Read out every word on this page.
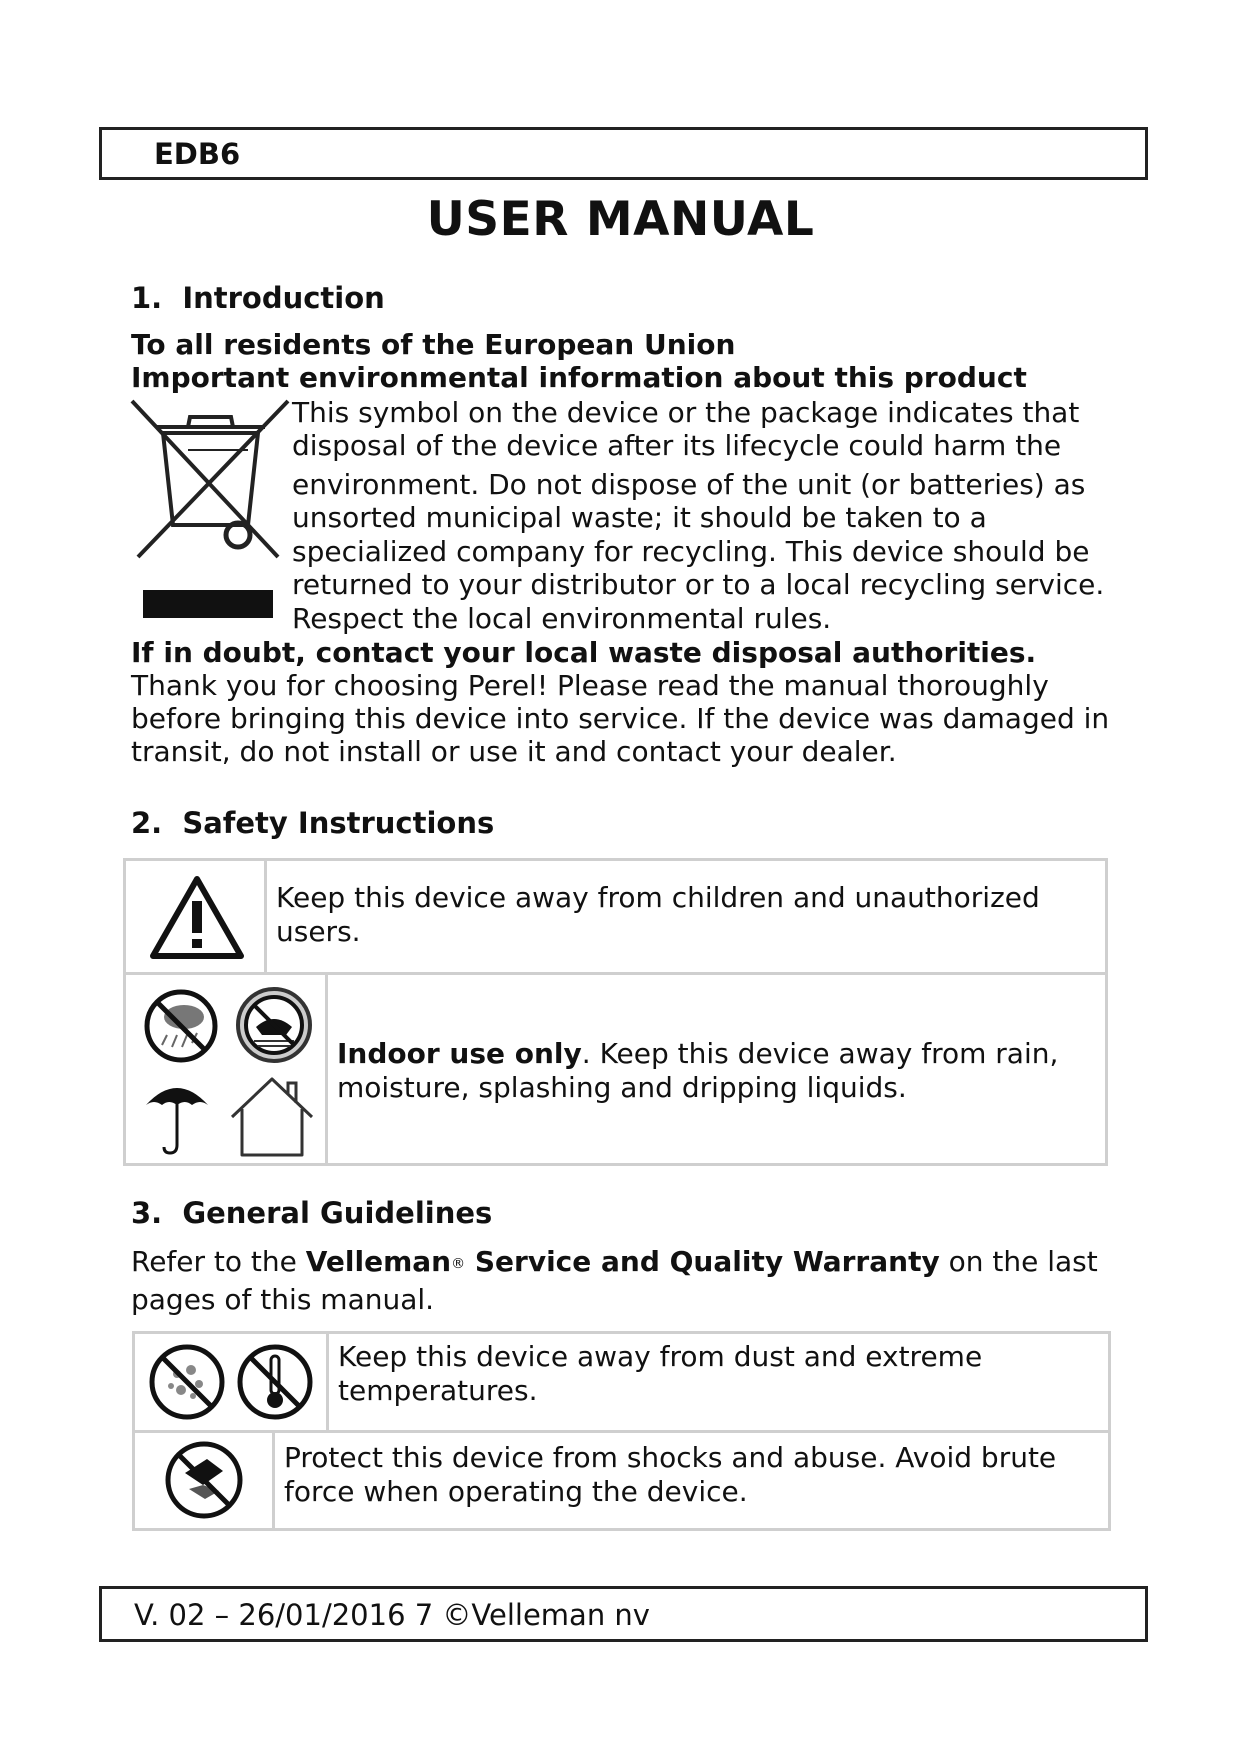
EDB6
USER MANUAL
1. Introduction
To all residents of the European Union
Important environmental information about this product
This symbol on the device or the package indicates that
disposal of the device after its lifecycle could harm the
environment. Do not dispose of the unit (or batteries) as
unsorted municipal waste; it should be taken to a
specialized company for recycling. This device should be
returned to your distributor or to a local recycling service.
Respect the local environmental rules.
If in doubt, contact your local waste disposal authorities.
Thank you for choosing Perel! Please read the manual thoroughly
before bringing this device into service. If the device was damaged in
transit, do not install or use it and contact your dealer.
2. Safety Instructions
Keep this device away from children and unauthorized
users.
Indoor use only. Keep this device away from rain,
moisture, splashing and dripping liquids.
3. General Guidelines
Refer to the Velleman® Service and Quality Warranty on the last
pages of this manual.
Keep this device away from dust and extreme
temperatures.
Protect this device from shocks and abuse. Avoid brute
force when operating the device.
V. 02 – 26/01/2016 7 ©Velleman nv
